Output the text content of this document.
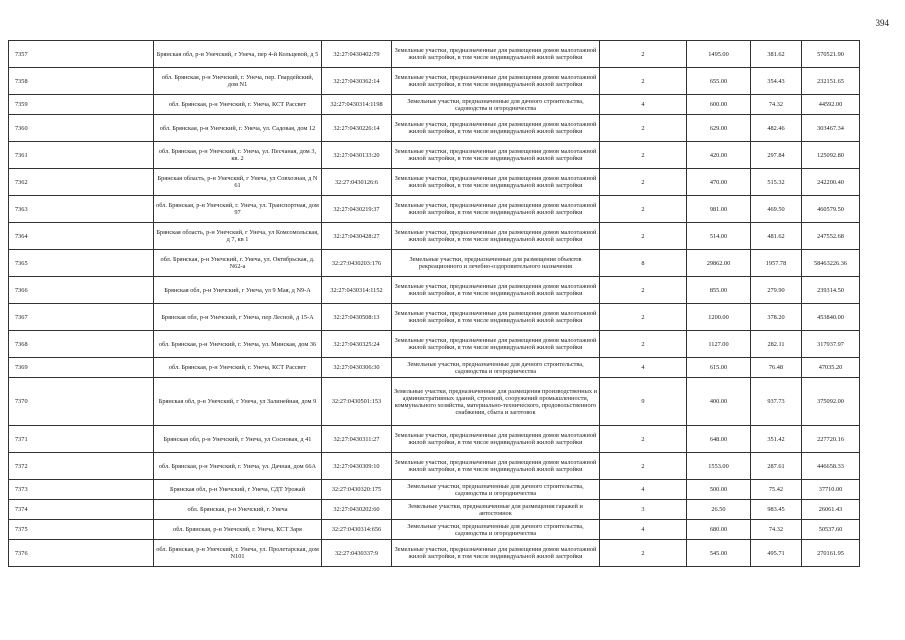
394
7357	Брянская обл, р-н Унечский, г Унеча, пер 4-й Кольцевой, д 5	32:27:0430402:79	Земельные участки, предназначенные для размещения домов малоэтажной жилой застройки, в том числе индивидуальной жилой застройки	2	1495.00	381.62	570521.90
7358	обл. Брянская, р-н Унечский, г. Унеча, пер. Гвардейский, дом N1	32:27:0430362:14	Земельные участки, предназначенные для размещения домов малоэтажной жилой застройки, в том числе индивидуальной жилой застройки	2	655.00	354.43	232151.65
7359	обл. Брянская, р-н Унечский, г. Унеча, КСТ Рассвет	32:27:0430314:1198	Земельные участки, предназначенные для дачного строительства, садоводства и огородничества	4	600.00	74.32	44592.00
7360	обл. Брянская, р-н Унечский, г. Унеча, ул. Садовая, дом 12	32:27:0430226:14	Земельные участки, предназначенные для размещения домов малоэтажной жилой застройки, в том числе индивидуальной жилой застройки	2	629.00	482.46	303467.34
7361	обл. Брянская, р-н Унечский, г. Унеча, ул. Песчаная, дом 3, кв. 2	32:27:0430133:20	Земельные участки, предназначенные для размещения домов малоэтажной жилой застройки, в том числе индивидуальной жилой застройки	2	420.00	297.84	125092.80
7362	Брянская область, р-н Унечский, г Унеча, ул Совхозная, д N 61	32:27:0430126:6	Земельные участки, предназначенные для размещения домов малоэтажной жилой застройки, в том числе индивидуальной жилой застройки	2	470.00	515.32	242200.40
7363	обл. Брянская, р-н Унечский, г. Унеча, ул. Транспортная, дом 97	32:27:0430219:37	Земельные участки, предназначенные для размещения домов малоэтажной жилой застройки, в том числе индивидуальной жилой застройки	2	981.00	469.50	460579.50
7364	Брянская область, р-н Унечский, г Унеча, ул Комсомольская, д 7, кв 1	32:27:0430428:27	Земельные участки, предназначенные для размещения домов малоэтажной жилой застройки, в том числе индивидуальной жилой застройки	2	514.00	481.62	247552.68
7365	обл. Брянская, р-н Унечский, г. Унеча, ул. Октябрьская, д. N62-а	32:27:0430203:176	Земельные участки, предназначенные для размещения объектов рекреационного и лечебно-оздоровительного назначения	8	29862.00	1957.78	58463226.36
7366	Брянская обл, р-н Унечский, г Унеча, ул 9 Мая, д N9-А	32:27:0430314:1152	Земельные участки, предназначенные для размещения домов малоэтажной жилой застройки, в том числе индивидуальной жилой застройки	2	855.00	279.90	239314.50
7367	Брянская обл, р-н Унечский, г Унеча, пер Лесной, д 15-А	32:27:0430508:13	Земельные участки, предназначенные для размещения домов малоэтажной жилой застройки, в том числе индивидуальной жилой застройки	2	1200.00	378.20	453840.00
7368	обл. Брянская, р-н Унечский, г. Унеча, ул. Минская, дом 36	32:27:0430325:24	Земельные участки, предназначенные для размещения домов малоэтажной жилой застройки, в том числе индивидуальной жилой застройки	2	1127.00	282.11	317937.97
7369	обл. Брянская, р-н Унечский, г. Унеча, КСТ Рассвет	32:27:0430306:30	Земельные участки, предназначенные для дачного строительства, садоводства и огородничества	4	615.00	76.48	47035.20
7370	Брянская обл, р-н Унечский, г Унеча, ул Залинейная, дом 9	32:27:0430501:153	Земельные участки, предназначенные для размещения производственных и административных зданий, строений, сооружений промышленности, коммунального хозяйства, материально-технического, продовольственного снабжения, сбыта и заготовок	9	400.00	937.73	375092.00
7371	Брянская обл, р-н Унечский, г Унеча, ул Сосновая, д 41	32:27:0430311:27	Земельные участки, предназначенные для размещения домов малоэтажной жилой застройки, в том числе индивидуальной жилой застройки	2	648.00	351.42	227720.16
7372	обл. Брянская, р-н Унечский, г. Унеча, ул. Дачная, дом 66А	32:27:0430309:10	Земельные участки, предназначенные для размещения домов малоэтажной жилой застройки, в том числе индивидуальной жилой застройки	2	1553.00	287.61	446658.33
7373	Брянская обл, р-н Унечский, г Унеча, СДТ Урожай	32:27:0430320:175	Земельные участки, предназначенные для дачного строительства, садоводства и огородничества	4	500.00	75.42	37710.00
7374	обл. Брянская, р-н Унечский, г. Унеча	32:27:0430202:60	Земельные участки, предназначенные для размещения гаражей и автостоянок	3	26.50	983.45	26061.43
7375	обл. Брянская, р-н Унечский, г. Унеча, КСТ Заря	32:27:0430314:656	Земельные участки, предназначенные для дачного строительства, садоводства и огородничества	4	680.00	74.32	50537.60
7376	обл. Брянская, р-н Унечский, г. Унеча, ул. Пролетарская, дом N101	32:27:0430337:9	Земельные участки, предназначенные для размещения домов малоэтажной жилой застройки, в том числе индивидуальной жилой застройки	2	545.00	495.71	270161.95
